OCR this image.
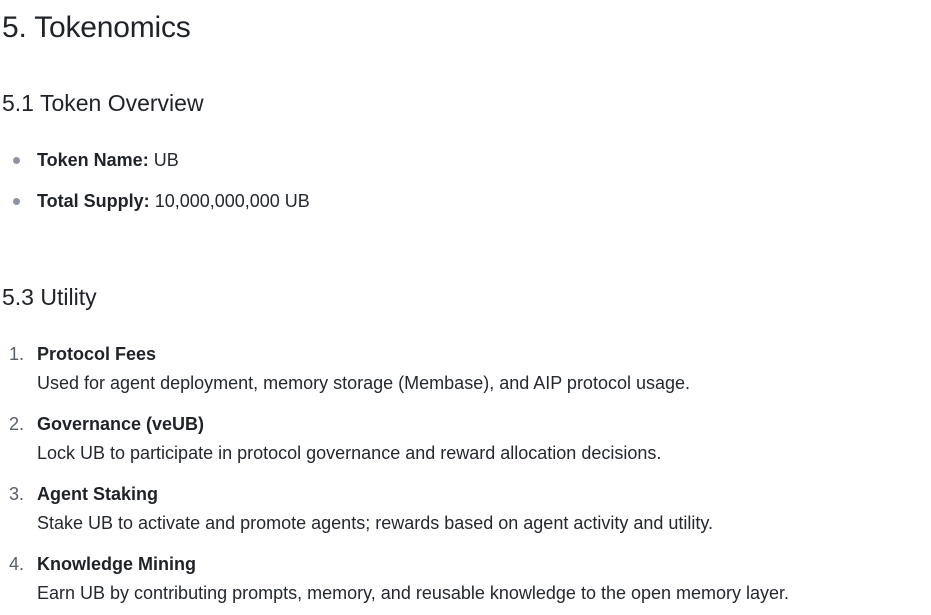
5. Tokenomics
5.1 Token Overview
Token Name: UB
Total Supply: 10,000,000,000 UB
5.3 Utility
1. Protocol Fees
Used for agent deployment, memory storage (Membase), and AIP protocol usage.
2. Governance (veUB)
Lock UB to participate in protocol governance and reward allocation decisions.
3. Agent Staking
Stake UB to activate and promote agents; rewards based on agent activity and utility.
4. Knowledge Mining
Earn UB by contributing prompts, memory, and reusable knowledge to the open memory layer.
